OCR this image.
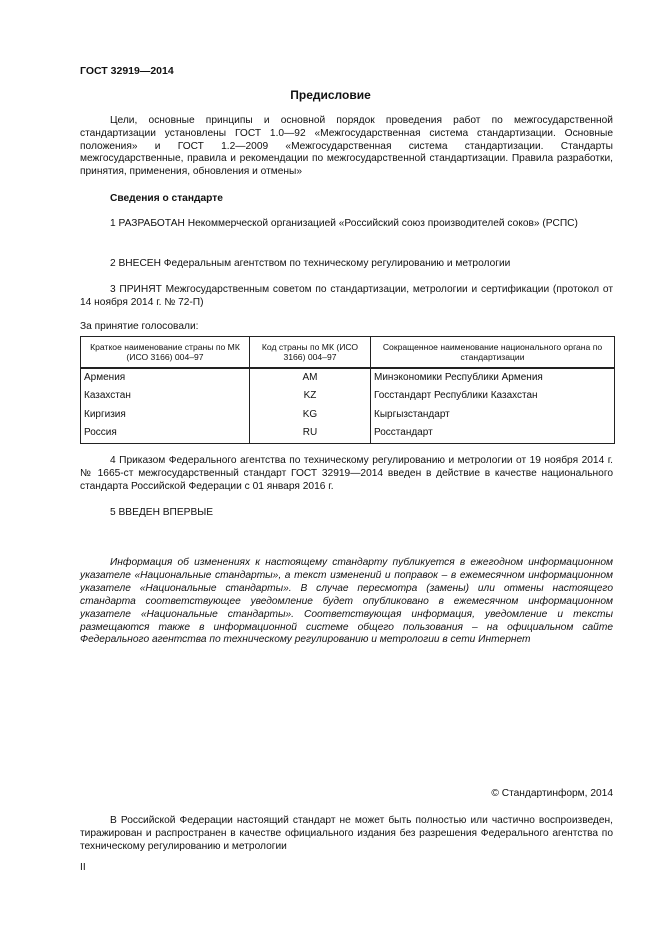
ГОСТ 32919—2014
Предисловие
Цели, основные принципы и основной порядок проведения работ по межгосударственной стандартизации установлены ГОСТ 1.0—92 «Межгосударственная система стандартизации. Основные положения» и ГОСТ 1.2—2009 «Межгосударственная система стандартизации. Стандарты межгосударственные, правила и рекомендации по межгосударственной стандартизации. Правила разработки, принятия, применения, обновления и отмены»
Сведения о стандарте
1 РАЗРАБОТАН Некоммерческой организацией «Российский союз производителей соков» (РСПС)
2 ВНЕСЕН Федеральным агентством по техническому регулированию и метрологии
3 ПРИНЯТ Межгосударственным советом по стандартизации, метрологии и сертификации (протокол от 14 ноября 2014 г. № 72-П)
За принятие голосовали:
Краткое наименование страны по МК (ИСО 3166) 004–97	Код страны по МК (ИСО 3166) 004–97	Сокращенное наименование национального органа по стандартизации
Армения	AM	Минэкономики Республики Армения
Казахстан	KZ	Госстандарт Республики Казахстан
Киргизия	KG	Кыргызстандарт
Россия	RU	Росстандарт
4 Приказом Федерального агентства по техническому регулированию и метрологии от 19 ноября 2014 г. № 1665-ст межгосударственный стандарт ГОСТ 32919—2014 введен в действие в качестве национального стандарта Российской Федерации с 01 января 2016 г.
5 ВВЕДЕН ВПЕРВЫЕ
Информация об изменениях к настоящему стандарту публикуется в ежегодном информационном указателе «Национальные стандарты», а текст изменений и поправок – в ежемесячном информационном указателе «Национальные стандарты». В случае пересмотра (замены) или отмены настоящего стандарта соответствующее уведомление будет опубликовано в ежемесячном информационном указателе «Национальные стандарты». Соответствующая информация, уведомление и тексты размещаются также в информационной системе общего пользования – на официальном сайте Федерального агентства по техническому регулированию и метрологии в сети Интернет
© Стандартинформ, 2014
В Российской Федерации настоящий стандарт не может быть полностью или частично воспроизведен, тиражирован и распространен в качестве официального издания без разрешения Федерального агентства по техническому регулированию и метрологии
II
